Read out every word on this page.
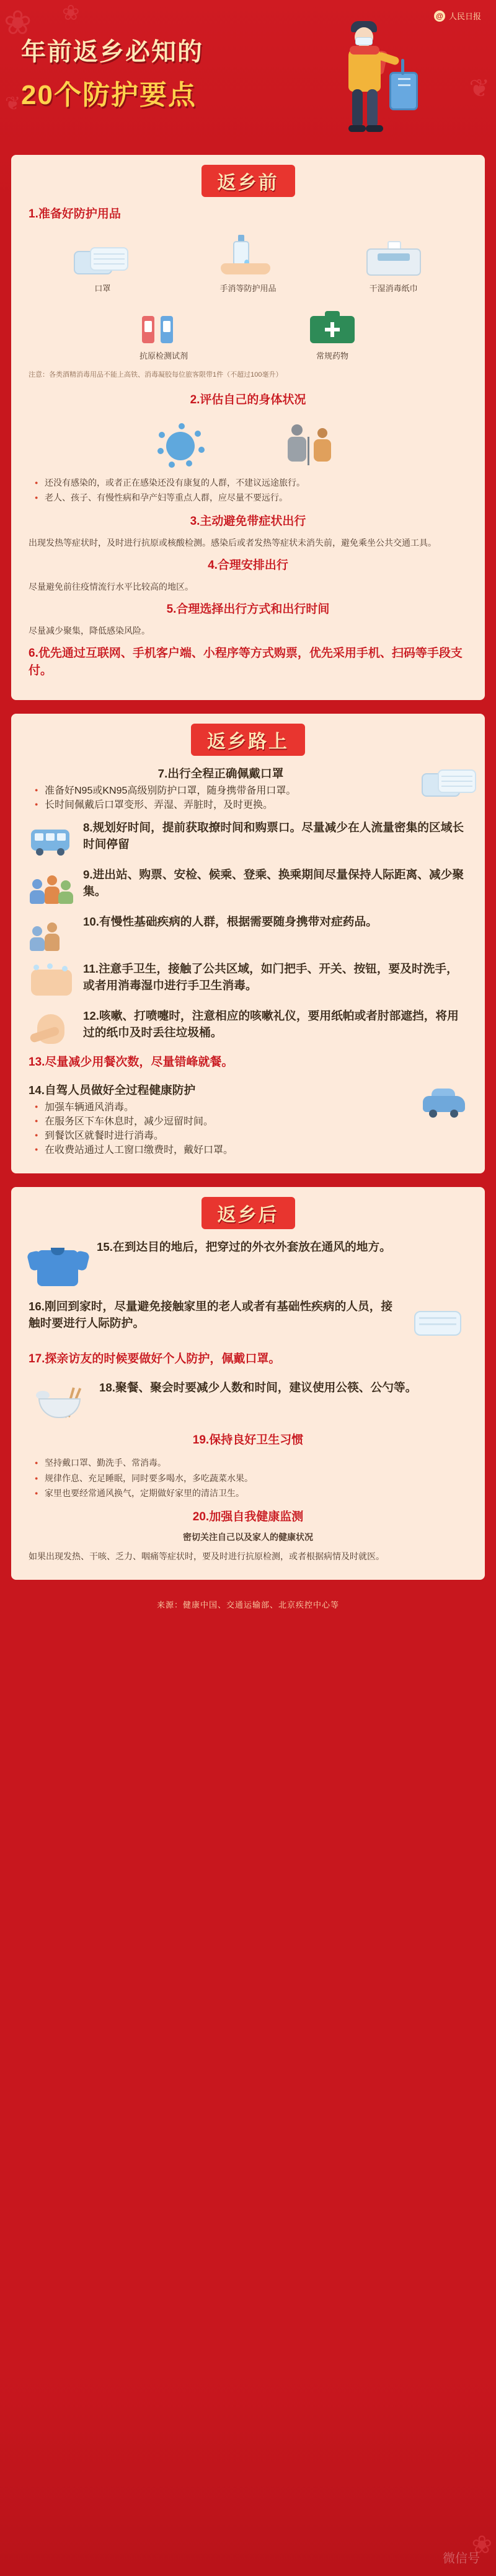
❀ ❀
❦
❦
❀
@ 人民日报
年前返乡必知的
20个防护要点
返乡前
1.准备好防护用品
口罩	手消等防护用品	干湿消毒纸巾
抗原检测试剂	常规药物
注意：各类酒精消毒用品不能上高铁、消毒凝胶每位旅客限带1件（不超过100毫升）
2.评估自己的身体状况
● 还没有感染的，或者正在感染还没有康复的人群，不建议远途旅行。
● 老人、孩子、有慢性病和孕产妇等重点人群，应尽量不要远行。
3.主动避免带症状出行

出现发热等症状时，及时进行抗原或核酸检测。感染后或者发热等症状未消失前，避免乘坐公共交通工具。

4.合理安排出行

尽量避免前往疫情流行水平比较高的地区。

5.合理选择出行方式和出行时间

尽量减少聚集，降低感染风险。

6.优先通过互联网、手机客户端、小程序等方式购票，优先采用手机、扫码等手段支付。
返乡路上
7.出行全程正确佩戴口罩
● 准备好N95或KN95高级别防护口罩，随身携带备用口罩。
● 长时间佩戴后口罩变形、弄湿、弄脏时，及时更换。
8.规划好时间，提前获取撩时间和购票口。尽量减少在人流量密集的区域长时间停留
9.进出站、购票、安检、候乘、登乘、换乘期间尽量保持人际距离、减少聚集。
10.有慢性基础疾病的人群，根据需要随身携带对症药品。
11.注意手卫生，接触了公共区域，如门把手、开关、按钮，要及时洗手，或者用消毒湿巾进行手卫生消毒。
12.咳嗽、打喷嚏时，注意相应的咳嗽礼仪，要用纸帕或者肘部遮挡，将用过的纸巾及时丢往垃圾桶。
13.尽量减少用餐次数，尽量错峰就餐。
14.自驾人员做好全过程健康防护
● 加强车辆通风消毒。
● 在服务区下车休息时，减少逗留时间。
● 到餐饮区就餐时进行消毒。
● 在收费站通过人工窗口缴费时，戴好口罩。
返乡后
15.在到达目的地后，把穿过的外衣外套放在通风的地方。
16.刚回到家时，尽量避免接触家里的老人或者有基础性疾病的人员，接触时要进行人际防护。
17.探亲访友的时候要做好个人防护，佩戴口罩。
18.聚餐、聚会时要减少人数和时间，建议使用公筷、公勺等。
19.保持良好卫生习惯
● 坚持戴口罩、勤洗手、常消毒。
● 规律作息、充足睡眠，同时要多喝水，多吃蔬菜水果。
● 家里也要经常通风换气，定期做好家里的清洁卫生。
20.加强自我健康监测

密切关注自己以及家人的健康状况

如果出现发热、干咳、乏力、咽痛等症状时，要及时进行抗原检测，或者根据病情及时就医。

来源：健康中国、交通运输部、北京疾控中心等
微信号
